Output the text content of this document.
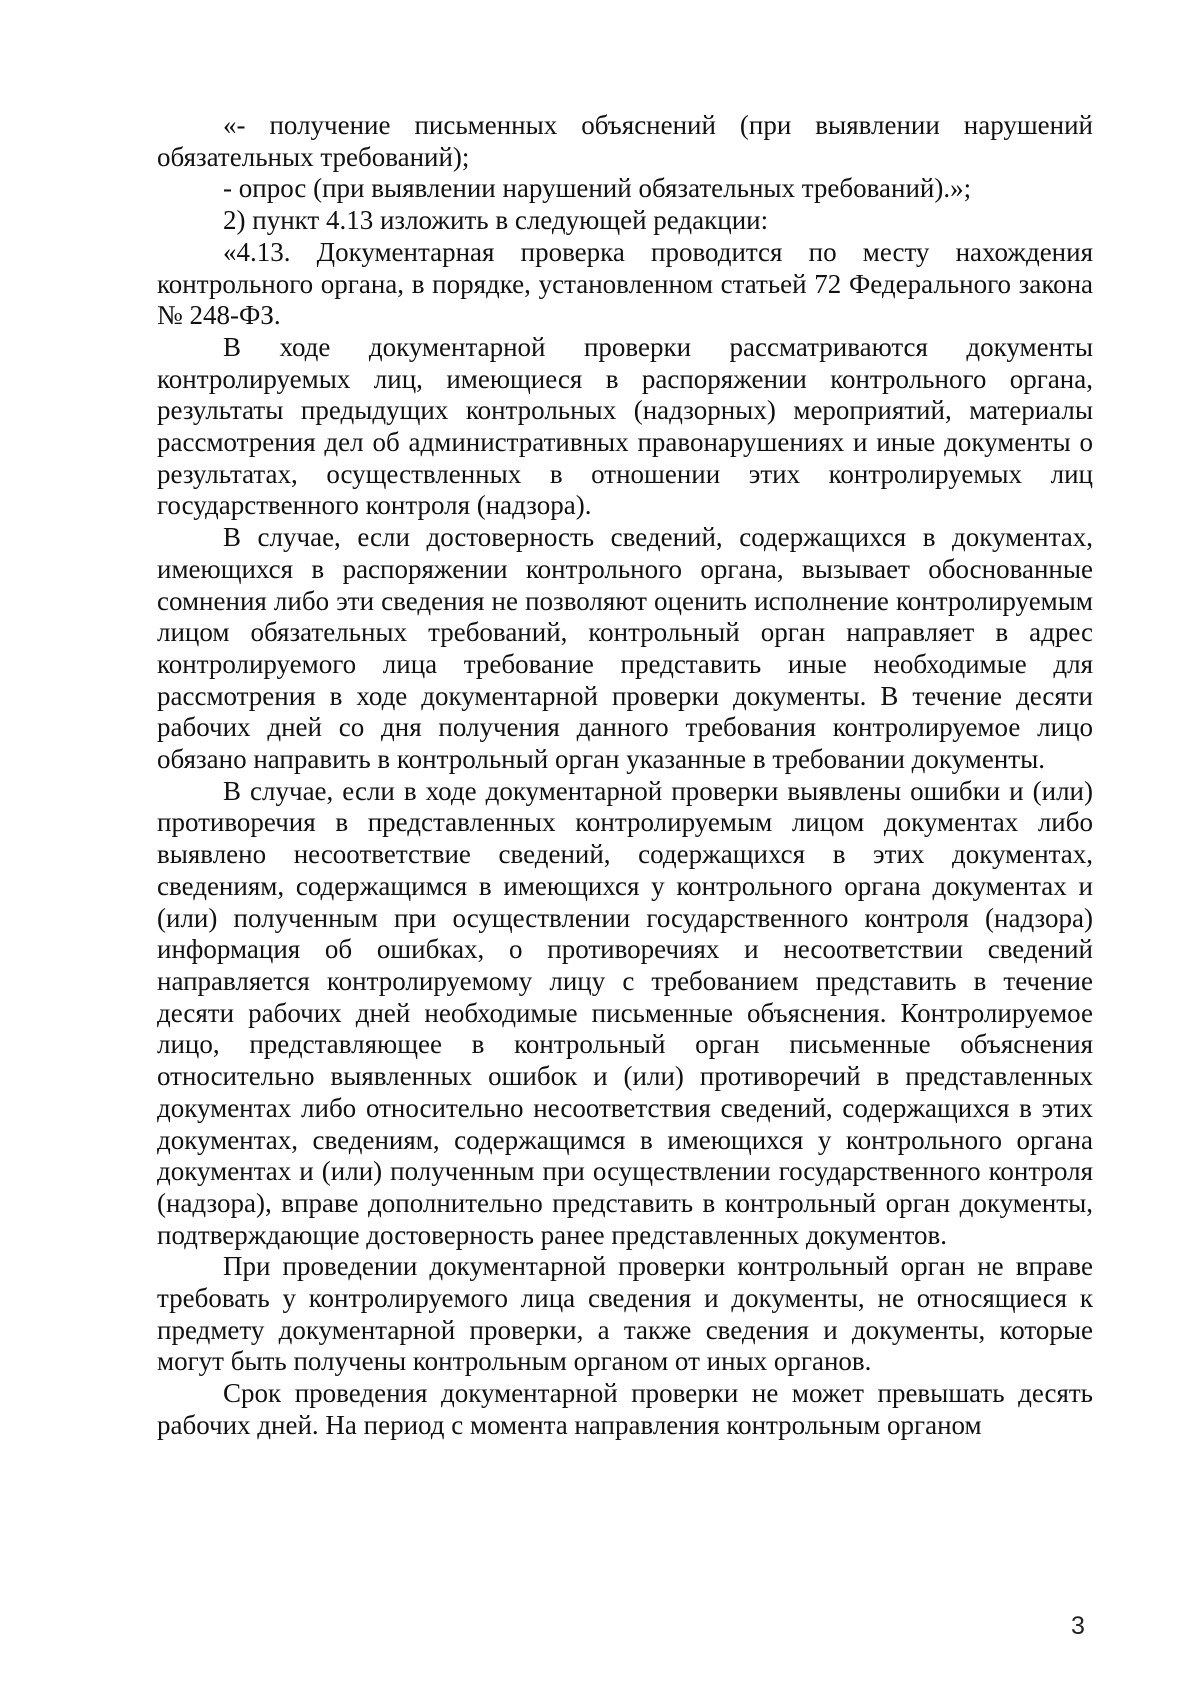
«- получение письменных объяснений (при выявлении нарушений обязательных требований);

- опрос (при выявлении нарушений обязательных требований).»;

2) пункт 4.13 изложить в следующей редакции:

«4.13. Документарная проверка проводится по месту нахождения контрольного органа, в порядке, установленном статьей 72 Федерального закона № 248-ФЗ.

В ходе документарной проверки рассматриваются документы контролируемых лиц, имеющиеся в распоряжении контрольного органа, результаты предыдущих контрольных (надзорных) мероприятий, материалы рассмотрения дел об административных правонарушениях и иные документы о результатах, осуществленных в отношении этих контролируемых лиц государственного контроля (надзора).

В случае, если достоверность сведений, содержащихся в документах, имеющихся в распоряжении контрольного органа, вызывает обоснованные сомнения либо эти сведения не позволяют оценить исполнение контролируемым лицом обязательных требований, контрольный орган направляет в адрес контролируемого лица требование представить иные необходимые для рассмотрения в ходе документарной проверки документы. В течение десяти рабочих дней со дня получения данного требования контролируемое лицо обязано направить в контрольный орган указанные в требовании документы.

В случае, если в ходе документарной проверки выявлены ошибки и (или) противоречия в представленных контролируемым лицом документах либо выявлено несоответствие сведений, содержащихся в этих документах, сведениям, содержащимся в имеющихся у контрольного органа документах и (или) полученным при осуществлении государственного контроля (надзора) информация об ошибках, о противоречиях и несоответствии сведений направляется контролируемому лицу с требованием представить в течение десяти рабочих дней необходимые письменные объяснения. Контролируемое лицо, представляющее в контрольный орган письменные объяснения относительно выявленных ошибок и (или) противоречий в представленных документах либо относительно несоответствия сведений, содержащихся в этих документах, сведениям, содержащимся в имеющихся у контрольного органа документах и (или) полученным при осуществлении государственного контроля (надзора), вправе дополнительно представить в контрольный орган документы, подтверждающие достоверность ранее представленных документов.

При проведении документарной проверки контрольный орган не вправе требовать у контролируемого лица сведения и документы, не относящиеся к предмету документарной проверки, а также сведения и документы, которые могут быть получены контрольным органом от иных органов.

Срок проведения документарной проверки не может превышать десять рабочих дней. На период с момента направления контрольным органом

3
